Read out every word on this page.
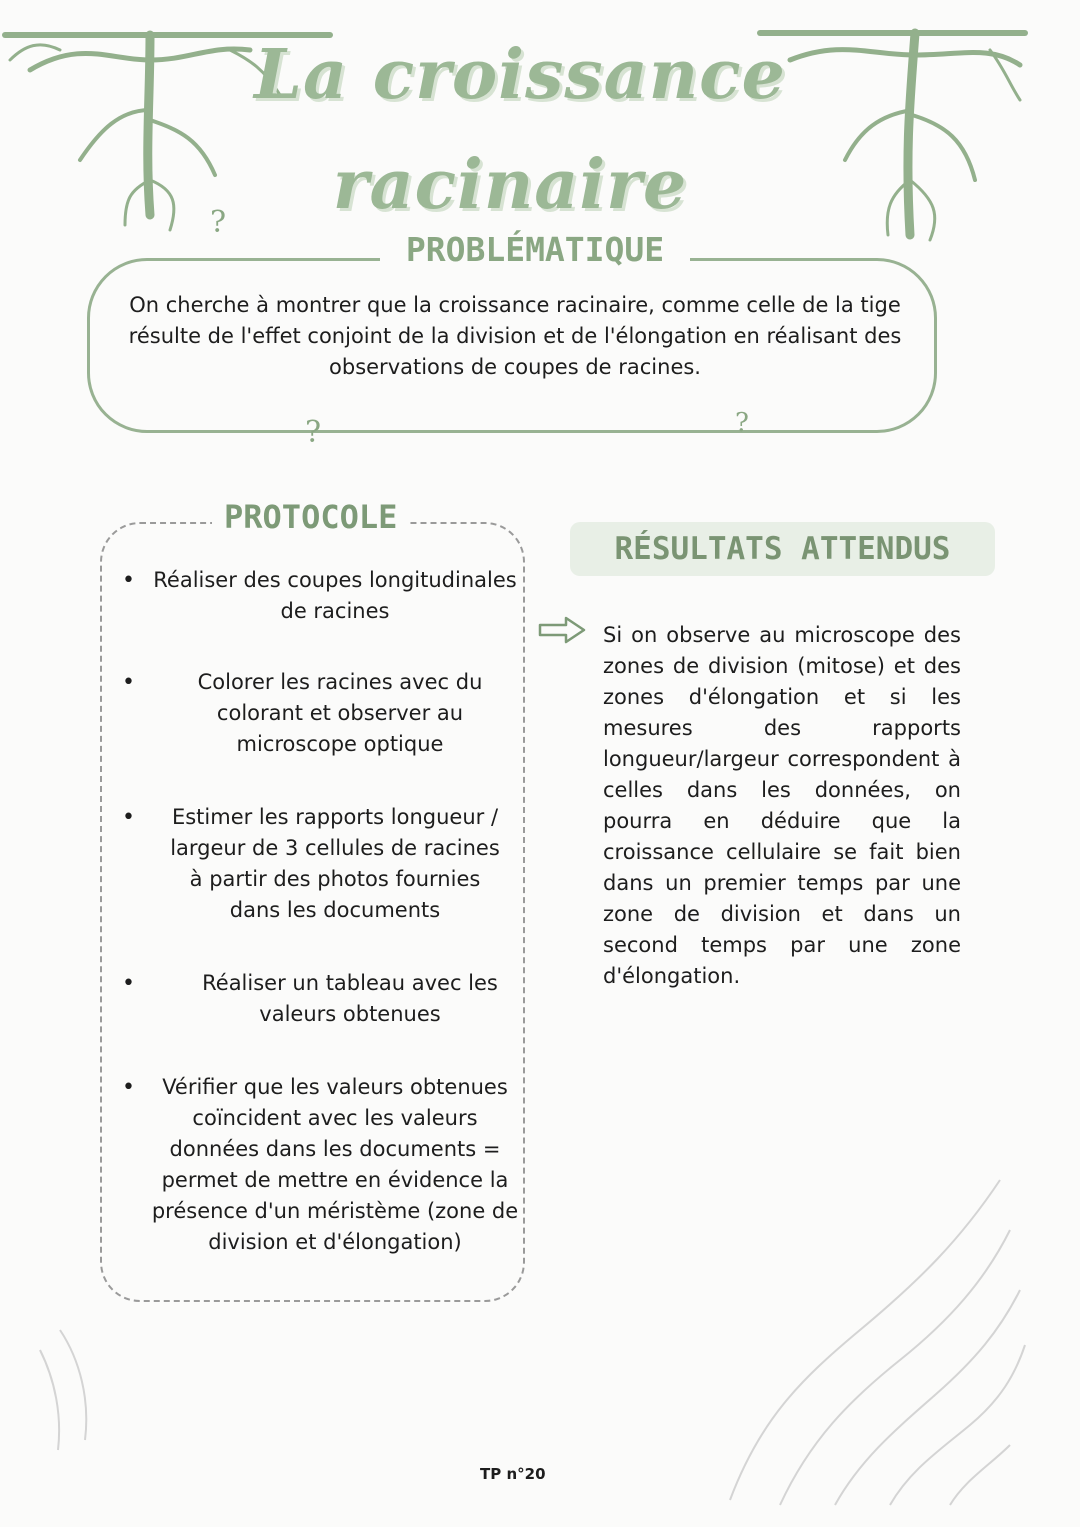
La croissance
racinaire
PROBLÉMATIQUE
On cherche à montrer que la croissance racinaire, comme celle de la tige
résulte de l'effet conjoint de la division et de l'élongation en réalisant des
observations de coupes de racines.
?
?	?
PROTOCOLE
• Réaliser des coupes longitudinales de racines
• Colorer les racines avec du colorant et observer au microscope optique
• Estimer les rapports longueur / largeur de 3 cellules de racines à partir des photos fournies dans les documents
• Réaliser un tableau avec les valeurs obtenues
• Vérifier que les valeurs obtenues coïncident avec les valeurs données dans les documents = permet de mettre en évidence la présence d'un méristème (zone de division et d'élongation)
RÉSULTATS ATTENDUS
Si on observe au microscope des zones de division (mitose) et des zones d'élongation et si les mesures des rapports longueur/largeur correspondent à celles dans les données, on pourra en déduire que la croissance cellulaire se fait bien dans un premier temps par une zone de division et dans un second temps par une zone d'élongation.
TP n°20
